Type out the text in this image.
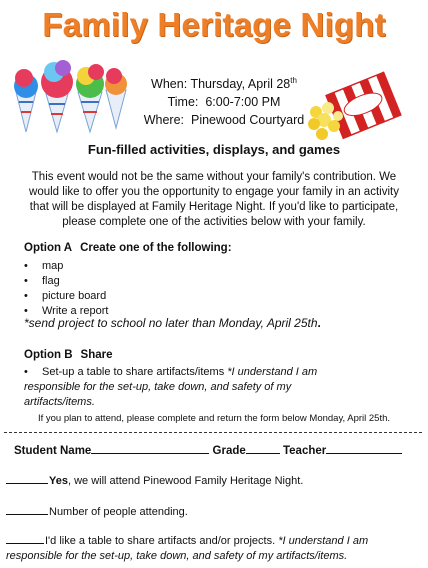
Family Heritage Night
When: Thursday, April 28th
Time: 6:00-7:00 PM
Where: Pinewood Courtyard
Fun-filled activities, displays, and games
This event would not be the same without your family's contribution. We would like to offer you the opportunity to engage your family in an activity that will be displayed at Family Heritage Night. If you'd like to participate, please complete one of the activities below with your family.
Option A Create one of the following:
• map
• flag
• picture board
• Write a report
*send project to school no later than Monday, April 25th.
Option B Share
• Set-up a table to share artifacts/items *I understand I am responsible for the set-up, take down, and safety of my artifacts/items.
If you plan to attend, please complete and return the form below Monday, April 25th.
Student Name	Grade	Teacher
Yes, we will attend Pinewood Family Heritage Night.
Number of people attending.
I'd like a table to share artifacts and/or projects. *I understand I am responsible for the set-up, take down, and safety of my artifacts/items.
